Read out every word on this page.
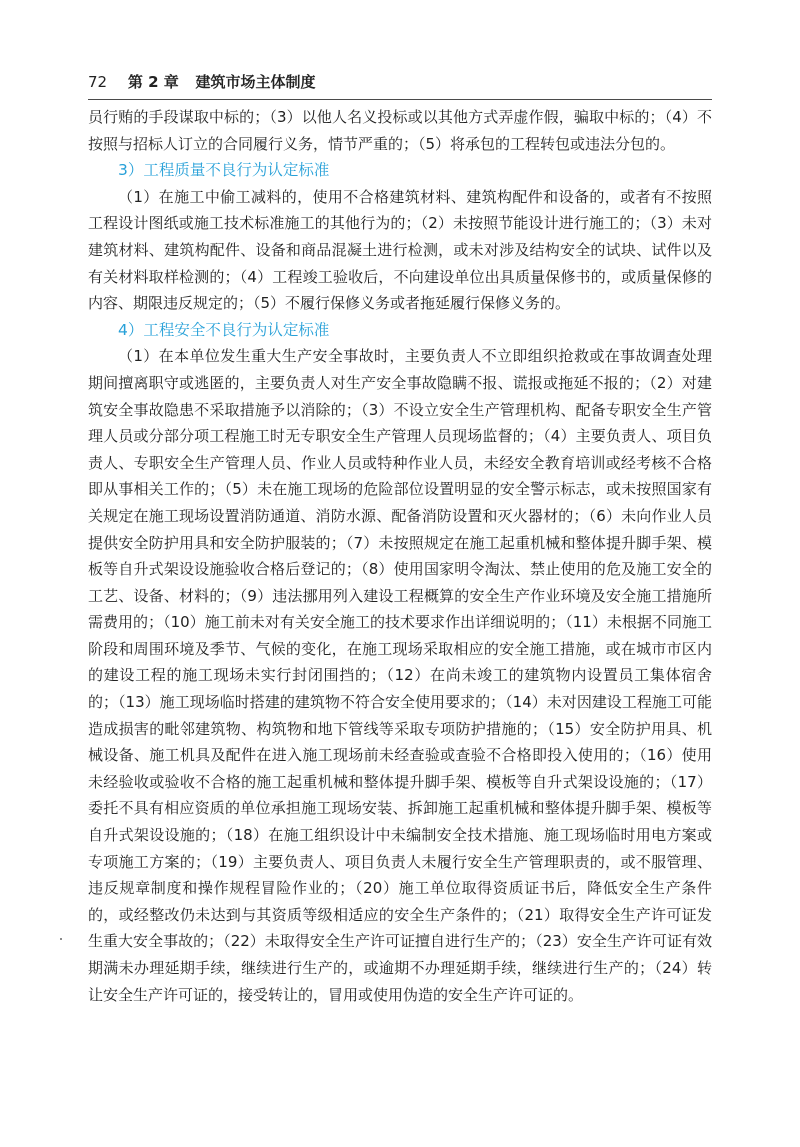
72 第 2 章 建筑市场主体制度

员行贿的手段谋取中标的；（3）以他人名义投标或以其他方式弄虚作假，骗取中标的；（4）不按照与招标人订立的合同履行义务，情节严重的；（5）将承包的工程转包或违法分包的。

3）工程质量不良行为认定标准

（1）在施工中偷工减料的，使用不合格建筑材料、建筑构配件和设备的，或者有不按照工程设计图纸或施工技术标准施工的其他行为的；（2）未按照节能设计进行施工的；（3）未对建筑材料、建筑构配件、设备和商品混凝土进行检测，或未对涉及结构安全的试块、试件以及有关材料取样检测的；（4）工程竣工验收后，不向建设单位出具质量保修书的，或质量保修的内容、期限违反规定的；（5）不履行保修义务或者拖延履行保修义务的。

4）工程安全不良行为认定标准

（1）在本单位发生重大生产安全事故时，主要负责人不立即组织抢救或在事故调查处理期间擅离职守或逃匿的，主要负责人对生产安全事故隐瞒不报、谎报或拖延不报的；（2）对建筑安全事故隐患不采取措施予以消除的；（3）不设立安全生产管理机构、配备专职安全生产管理人员或分部分项工程施工时无专职安全生产管理人员现场监督的；（4）主要负责人、项目负责人、专职安全生产管理人员、作业人员或特种作业人员，未经安全教育培训或经考核不合格即从事相关工作的；（5）未在施工现场的危险部位设置明显的安全警示标志，或未按照国家有关规定在施工现场设置消防通道、消防水源、配备消防设置和灭火器材的；（6）未向作业人员提供安全防护用具和安全防护服装的；（7）未按照规定在施工起重机械和整体提升脚手架、模板等自升式架设设施验收合格后登记的；（8）使用国家明令淘汰、禁止使用的危及施工安全的工艺、设备、材料的；（9）违法挪用列入建设工程概算的安全生产作业环境及安全施工措施所需费用的；（10）施工前未对有关安全施工的技术要求作出详细说明的；（11）未根据不同施工阶段和周围环境及季节、气候的变化，在施工现场采取相应的安全施工措施，或在城市市区内的建设工程的施工现场未实行封闭围挡的；（12）在尚未竣工的建筑物内设置员工集体宿舍的；（13）施工现场临时搭建的建筑物不符合安全使用要求的；（14）未对因建设工程施工可能造成损害的毗邻建筑物、构筑物和地下管线等采取专项防护措施的；（15）安全防护用具、机械设备、施工机具及配件在进入施工现场前未经查验或查验不合格即投入使用的；（16）使用未经验收或验收不合格的施工起重机械和整体提升脚手架、模板等自升式架设设施的；（17）委托不具有相应资质的单位承担施工现场安装、拆卸施工起重机械和整体提升脚手架、模板等自升式架设设施的；（18）在施工组织设计中未编制安全技术措施、施工现场临时用电方案或专项施工方案的；（19）主要负责人、项目负责人未履行安全生产管理职责的，或不服管理、违反规章制度和操作规程冒险作业的；（20）施工单位取得资质证书后，降低安全生产条件的，或经整改仍未达到与其资质等级相适应的安全生产条件的；（21）取得安全生产许可证发生重大安全事故的；（22）未取得安全生产许可证擅自进行生产的；（23）安全生产许可证有效期满未办理延期手续，继续进行生产的，或逾期不办理延期手续，继续进行生产的；（24）转让安全生产许可证的，接受转让的，冒用或使用伪造的安全生产许可证的。
